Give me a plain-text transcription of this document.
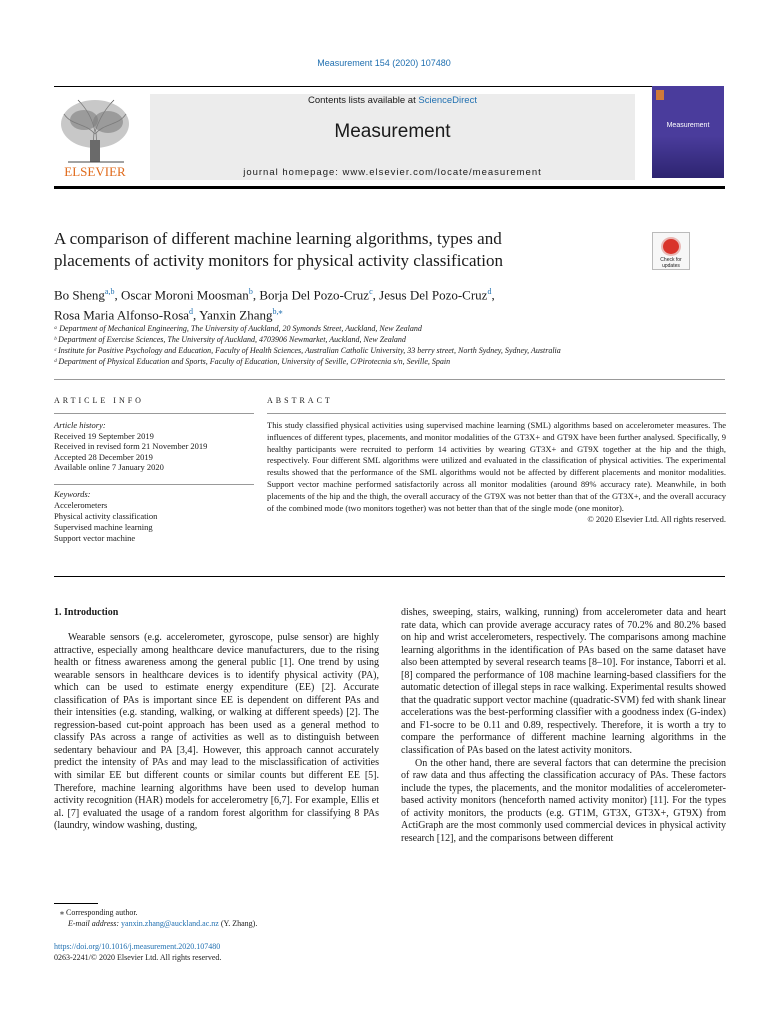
Measurement 154 (2020) 107480
ELSEVIER
Contents lists available at ScienceDirect
Measurement
journal homepage: www.elsevier.com/locate/measurement
Measurement
A comparison of different machine learning algorithms, types and
placements of activity monitors for physical activity classification	Check for updates
Bo Sheng$^{a,b}$, Oscar Moroni Moosman$^b$, Borja Del Pozo-Cruz$^c$, Jesus Del Pozo-Cruz$^d$,
Rosa Maria Alfonso-Rosa$^d$, Yanxin Zhang$^{b,⁎}$
ᵃ Department of Mechanical Engineering, The University of Auckland, 20 Symonds Street, Auckland, New Zealand
ᵇ Department of Exercise Sciences, The University of Auckland, 4703906 Newmarket, Auckland, New Zealand
ᶜ Institute for Positive Psychology and Education, Faculty of Health Sciences, Australian Catholic University, 33 berry street, North Sydney, Sydney, Australia
ᵈ Department of Physical Education and Sports, Faculty of Education, University of Seville, C/Pirotecnia s/n, Seville, Spain
ARTICLE INFO
Article history:
Received 19 September 2019
Received in revised form 21 November 2019
Accepted 28 December 2019
Available online 7 January 2020
Keywords:
Accelerometers
Physical activity classification
Supervised machine learning
Support vector machine
ABSTRACT
This study classified physical activities using supervised machine learning (SML) algorithms based on accelerometer measures. The influences of different types, placements, and monitor modalities of the GT3X+ and GT9X have been further analysed. Specifically, 9 healthy participants were recruited to perform 14 activities by wearing GT3X+ and GT9X together at the hip and the thigh, respectively. Four different SML algorithms were utilized and evaluated in the classification of physical activities. The experimental results showed that the performance of the SML algorithms would not be affected by different placements and monitor modalities. Support vector machine performed satisfactorily across all monitor modalities (around 89% accuracy rate). Meanwhile, in both placements of the hip and the thigh, the overall accuracy of the GT9X was not better than that of the GT3X+, and the overall accuracy of the combined mode (two monitors together) was not better than that of the single mode (one monitor).
© 2020 Elsevier Ltd. All rights reserved.
1. Introduction

Wearable sensors (e.g. accelerometer, gyroscope, pulse sensor) are highly attractive, especially among healthcare device manufacturers, due to the rising health or fitness awareness among the general public [1]. One trend by using wearable sensors in healthcare devices is to identify physical activity (PA), which can be used to estimate energy expenditure (EE) [2]. Accurate classification of PAs is important since EE is dependent on different PAs and their intensities (e.g. standing, walking, or walking at different speeds) [2]. The regression-based cut-point approach has been used as a general method to classify PAs across a range of activities as well as to distinguish between sedentary behaviour and PA [3,4]. However, this approach cannot accurately predict the intensity of PAs and may lead to the misclassification of activities with similar EE but different counts or similar counts but different EE [5]. Therefore, machine learning algorithms have been used to develop human activity recognition (HAR) models for accelerometry [6,7]. For example, Ellis et al. [7] evaluated the usage of a random forest algorithm for classifying 8 PAs (laundry, window washing, dusting,

dishes, sweeping, stairs, walking, running) from accelerometer data and heart rate data, which can provide average accuracy rates of 70.2% and 80.2% based on hip and wrist accelerometers, respectively. The comparisons among machine learning algorithms in the identification of PAs based on the same dataset have also been attempted by several research teams [8–10]. For instance, Taborri et al. [8] compared the performance of 108 machine learning-based classifiers for the automatic detection of illegal steps in race walking. Experimental results showed that the quadratic support vector machine (quadratic-SVM) fed with shank linear accelerations was the best-performing classifier with a goodness index (G-index) and F1-socre to be 0.11 and 0.89, respectively. Therefore, it is worth a try to compare the performance of different machine learning algorithms in the classification of PAs based on the latest activity monitors.

On the other hand, there are several factors that can determine the precision of raw data and thus affecting the classification accuracy of PAs. These factors include the types, the placements, and the monitor modalities of accelerometer-based activity monitors (henceforth named activity monitor) [11]. For the types of activity monitors, the products (e.g. GT1M, GT3X, GT3X+, GT9X) from ActiGraph are the most commonly used commercial devices in physical activity research [12], and the comparisons between different

⁎ Corresponding author.
E-mail address: yanxin.zhang@auckland.ac.nz (Y. Zhang).
https://doi.org/10.1016/j.measurement.2020.107480
0263-2241/© 2020 Elsevier Ltd. All rights reserved.
